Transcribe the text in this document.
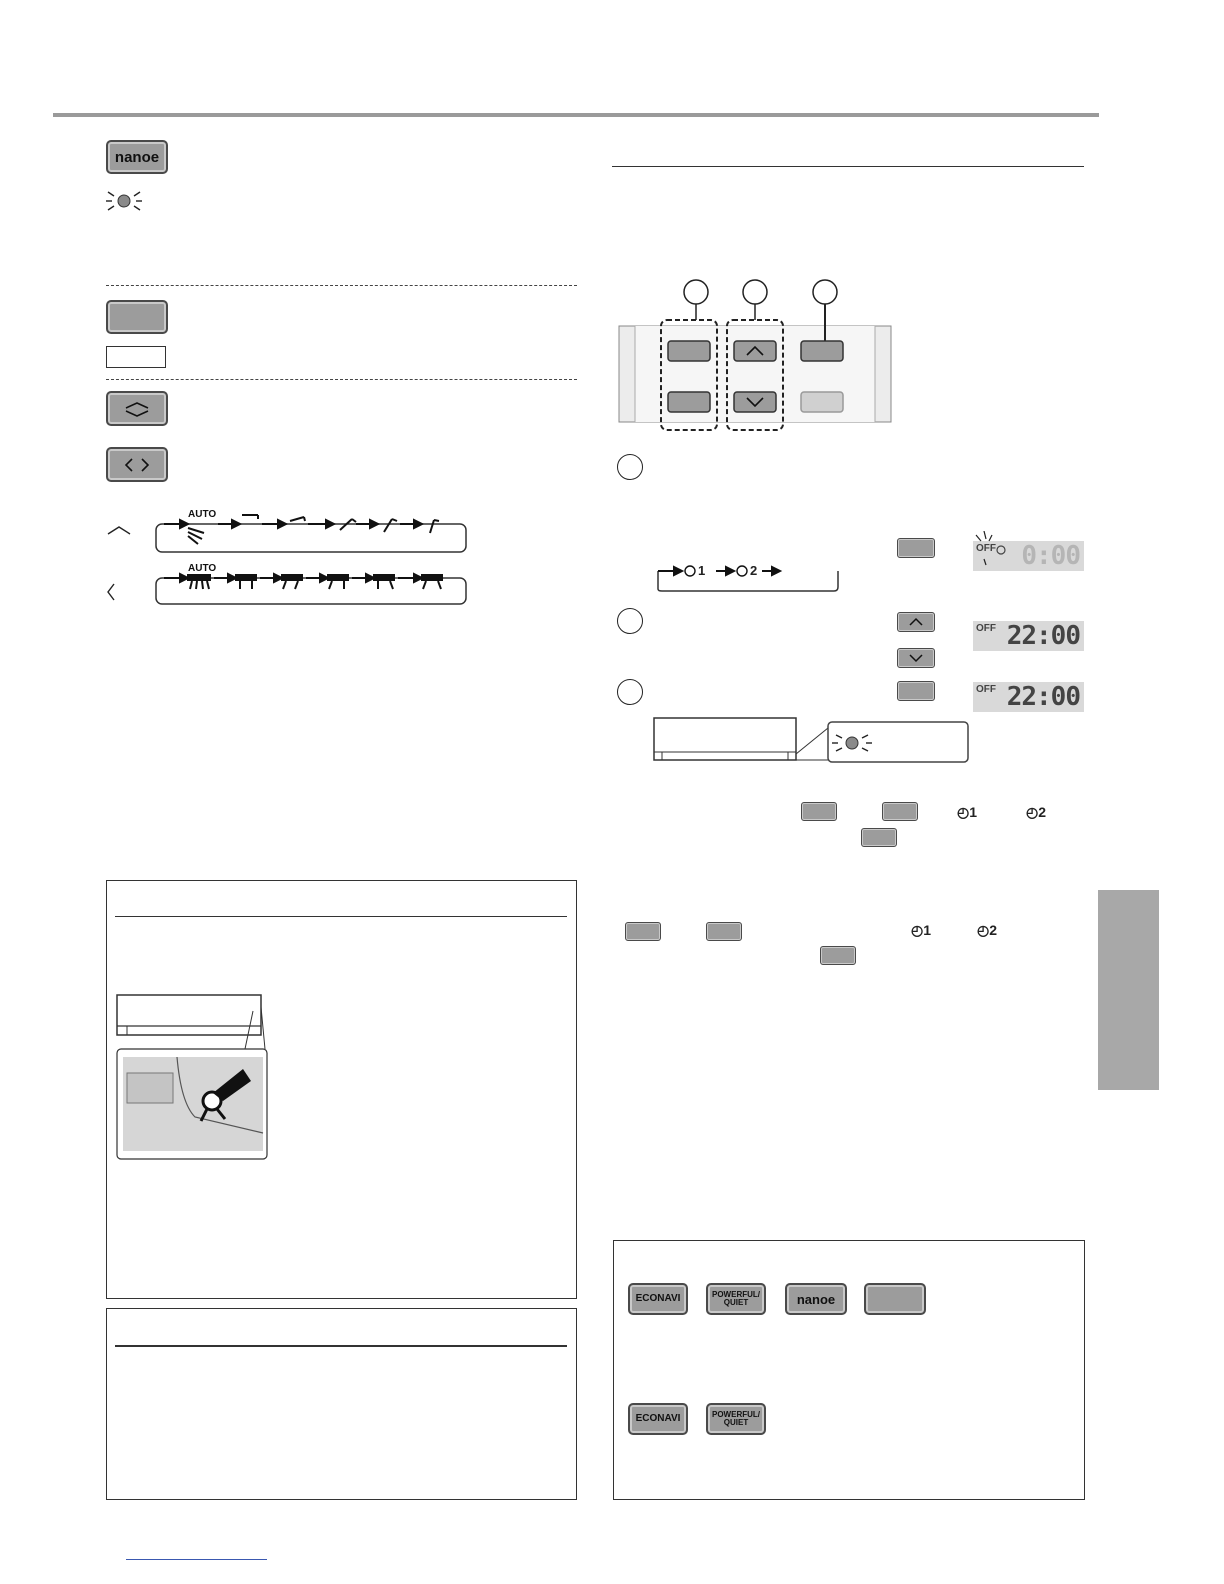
nanoe
AUTO
AUTO
OFF 0:00
1	2
OFF 22:00
OFF 22:00
◴1	◴2
◴1	◴2
ECONAVI	POWERFUL/
QUIET	nanoe
ECONAVI	POWERFUL/
QUIET
